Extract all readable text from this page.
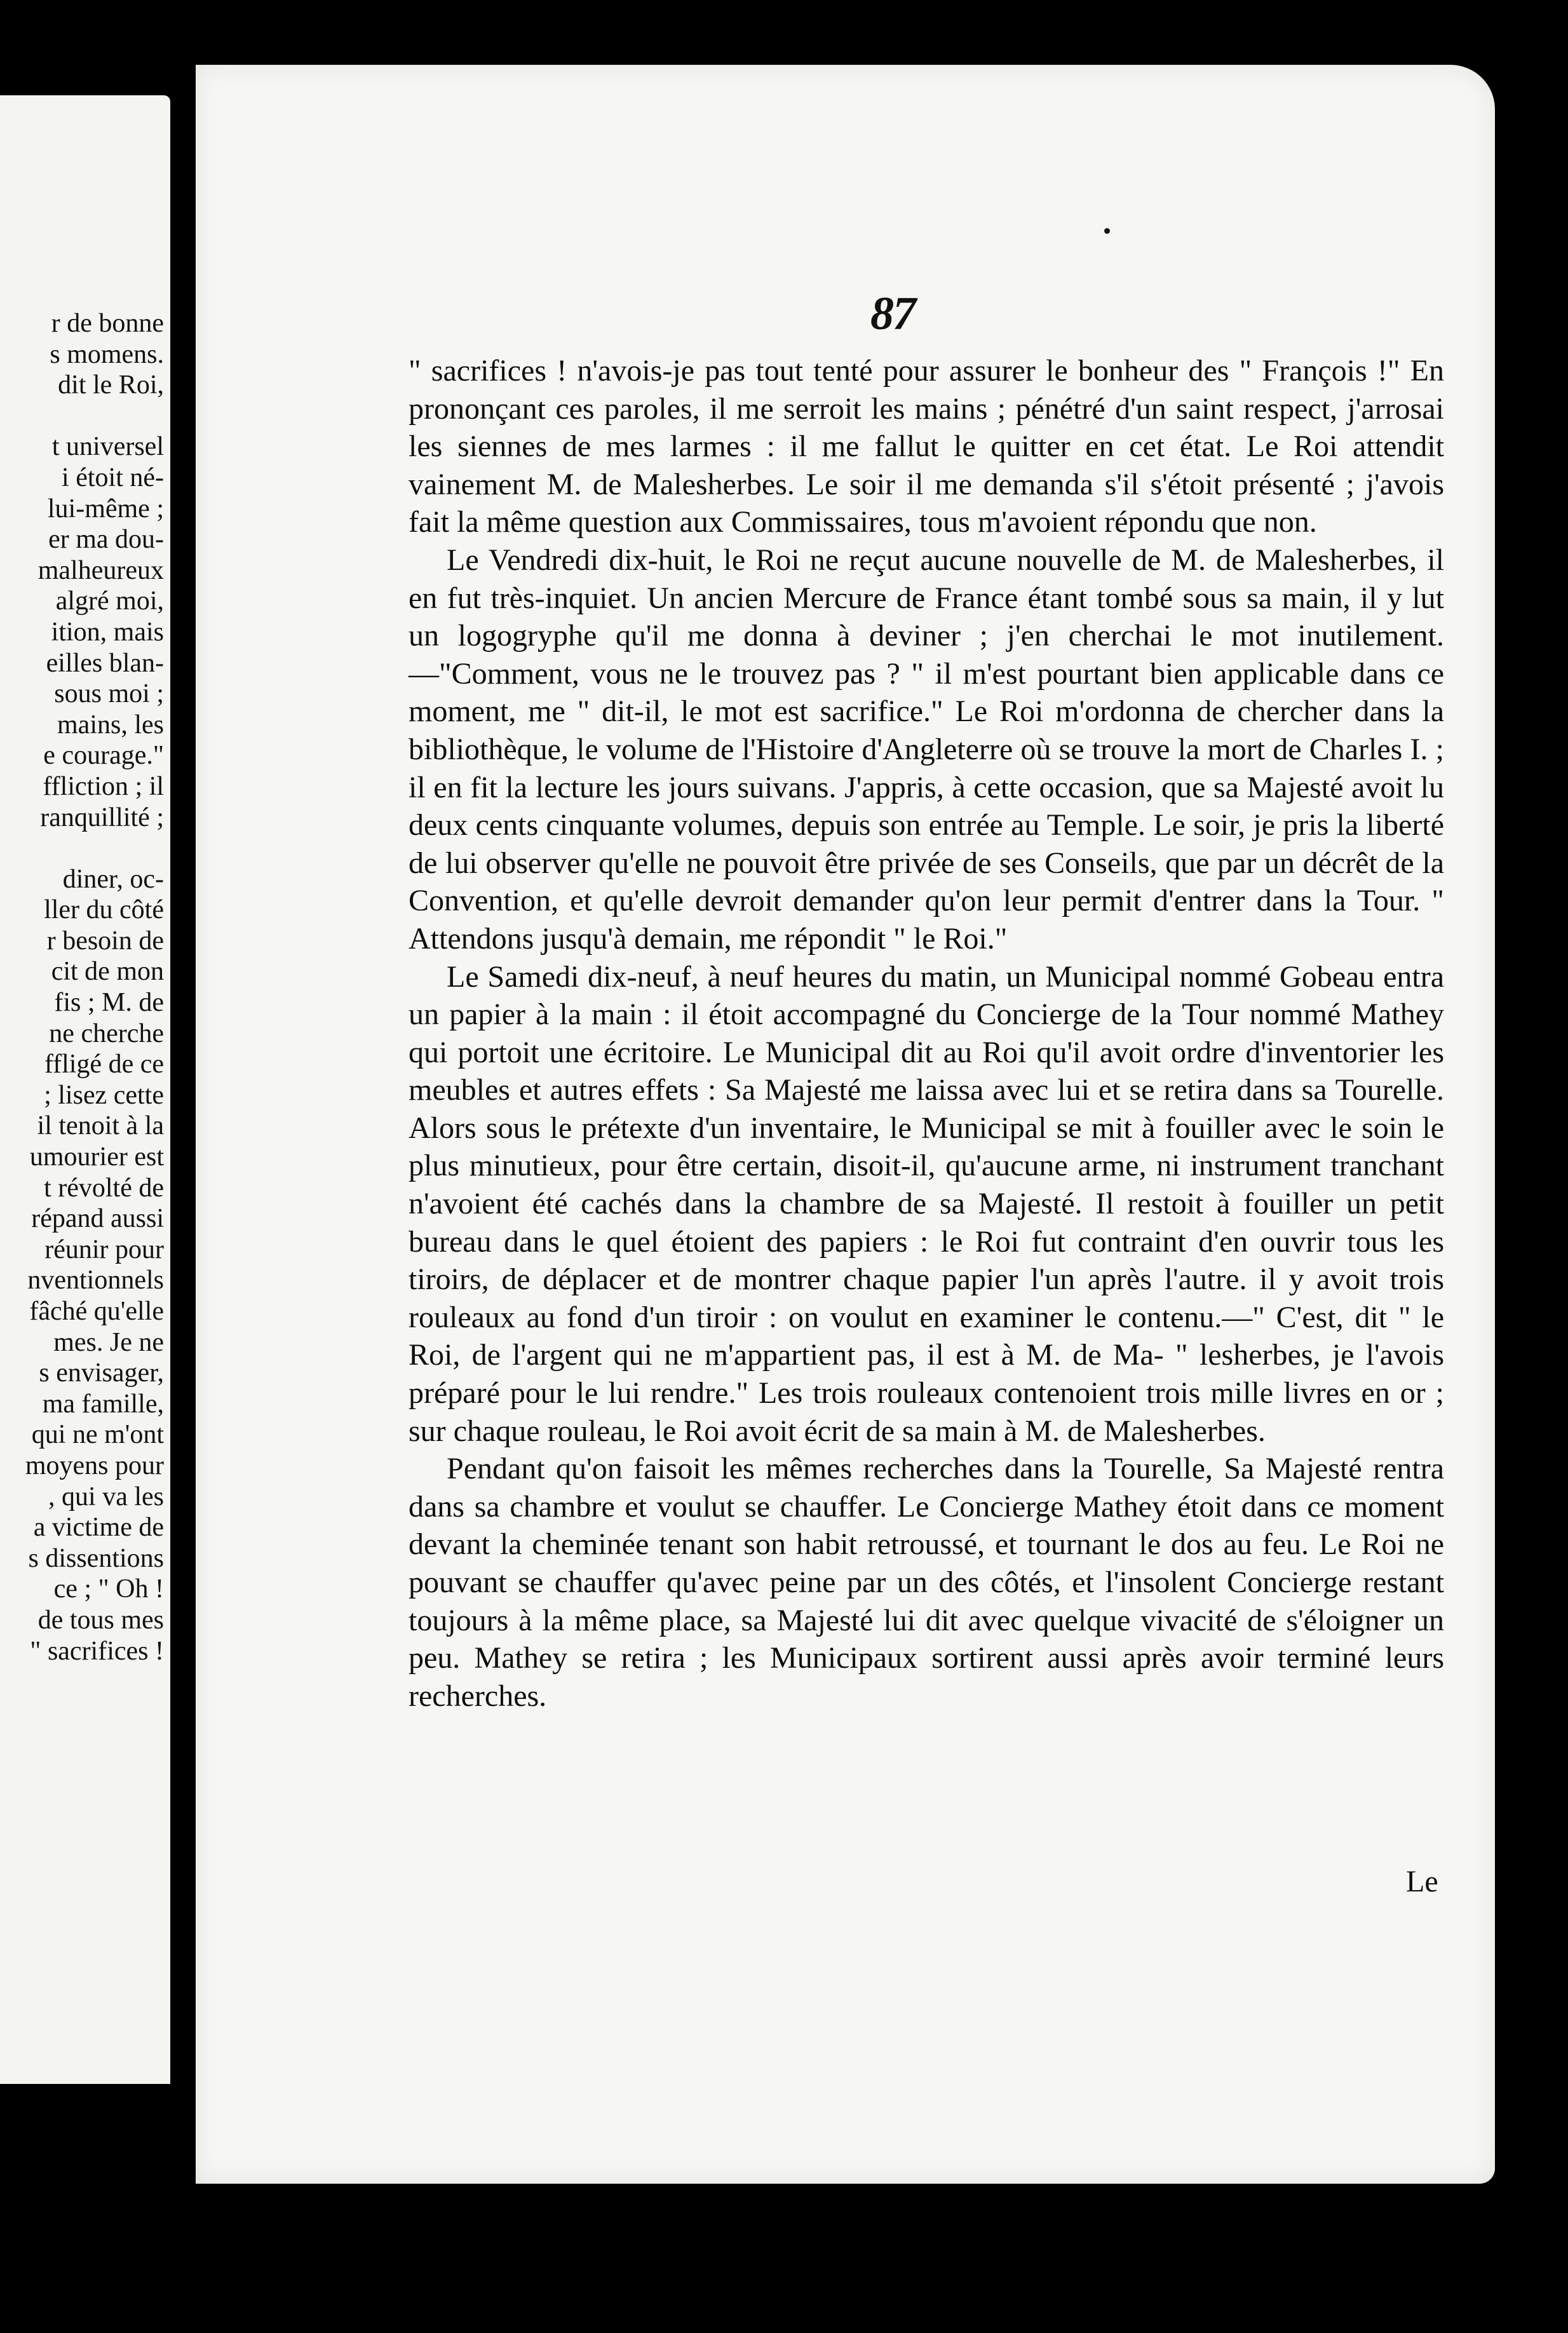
r de bonne
s momens.
dit le Roi,
t universel
i étoit né-
lui-même ;
er ma dou-
malheureux
algré moi,
ition, mais
eilles blan-
sous moi ;
mains, les
e courage."
ffliction ; il
ranquillité ;
diner, oc-
ller du côté
r besoin de
cit de mon
fis ; M. de
ne cherche
ffligé de ce
; lisez cette
il tenoit à la
umourier est
t révolté de
répand aussi
réunir pour
nventionnels
fâché qu'elle
mes. Je ne
s envisager,
ma famille,
qui ne m'ont
moyens pour
, qui va les
a victime de
s dissentions
ce ; " Oh !
de tous mes
" sacrifices !
87

" sacrifices ! n'avois-je pas tout tenté pour assurer le bonheur des " François !" En prononçant ces paroles, il me serroit les mains ; pénétré d'un saint respect, j'arrosai les siennes de mes larmes : il me fallut le quitter en cet état. Le Roi attendit vainement M. de Malesherbes. Le soir il me demanda s'il s'étoit présenté ; j'avois fait la même question aux Commissaires, tous m'avoient répondu que non.

Le Vendredi dix-huit, le Roi ne reçut aucune nouvelle de M. de Malesherbes, il en fut très-inquiet. Un ancien Mercure de France étant tombé sous sa main, il y lut un logogryphe qu'il me donna à deviner ; j'en cherchai le mot inutilement.—"Comment, vous ne le trouvez pas ? " il m'est pourtant bien applicable dans ce moment, me " dit-il, le mot est sacrifice." Le Roi m'ordonna de chercher dans la bibliothèque, le volume de l'Histoire d'Angleterre où se trouve la mort de Charles I. ; il en fit la lecture les jours suivans. J'appris, à cette occasion, que sa Majesté avoit lu deux cents cinquante volumes, depuis son entrée au Temple. Le soir, je pris la liberté de lui observer qu'elle ne pouvoit être privée de ses Conseils, que par un décrêt de la Convention, et qu'elle devroit demander qu'on leur permit d'entrer dans la Tour. " Attendons jusqu'à demain, me répondit " le Roi."

Le Samedi dix-neuf, à neuf heures du matin, un Municipal nommé Gobeau entra un papier à la main : il étoit accompagné du Concierge de la Tour nommé Mathey qui portoit une écritoire. Le Municipal dit au Roi qu'il avoit ordre d'inventorier les meubles et autres effets : Sa Majesté me laissa avec lui et se retira dans sa Tourelle. Alors sous le prétexte d'un inventaire, le Municipal se mit à fouiller avec le soin le plus minutieux, pour être certain, disoit-il, qu'aucune arme, ni instrument tranchant n'avoient été cachés dans la chambre de sa Majesté. Il restoit à fouiller un petit bureau dans le quel étoient des papiers : le Roi fut contraint d'en ouvrir tous les tiroirs, de déplacer et de montrer chaque papier l'un après l'autre. il y avoit trois rouleaux au fond d'un tiroir : on voulut en examiner le contenu.—" C'est, dit " le Roi, de l'argent qui ne m'appartient pas, il est à M. de Ma- " lesherbes, je l'avois préparé pour le lui rendre." Les trois rouleaux contenoient trois mille livres en or ; sur chaque rouleau, le Roi avoit écrit de sa main à M. de Malesherbes.

Pendant qu'on faisoit les mêmes recherches dans la Tourelle, Sa Majesté rentra dans sa chambre et voulut se chauffer. Le Concierge Mathey étoit dans ce moment devant la cheminée tenant son habit retroussé, et tournant le dos au feu. Le Roi ne pouvant se chauffer qu'avec peine par un des côtés, et l'insolent Concierge restant toujours à la même place, sa Majesté lui dit avec quelque vivacité de s'éloigner un peu. Mathey se retira ; les Municipaux sortirent aussi après avoir terminé leurs recherches.

Le
